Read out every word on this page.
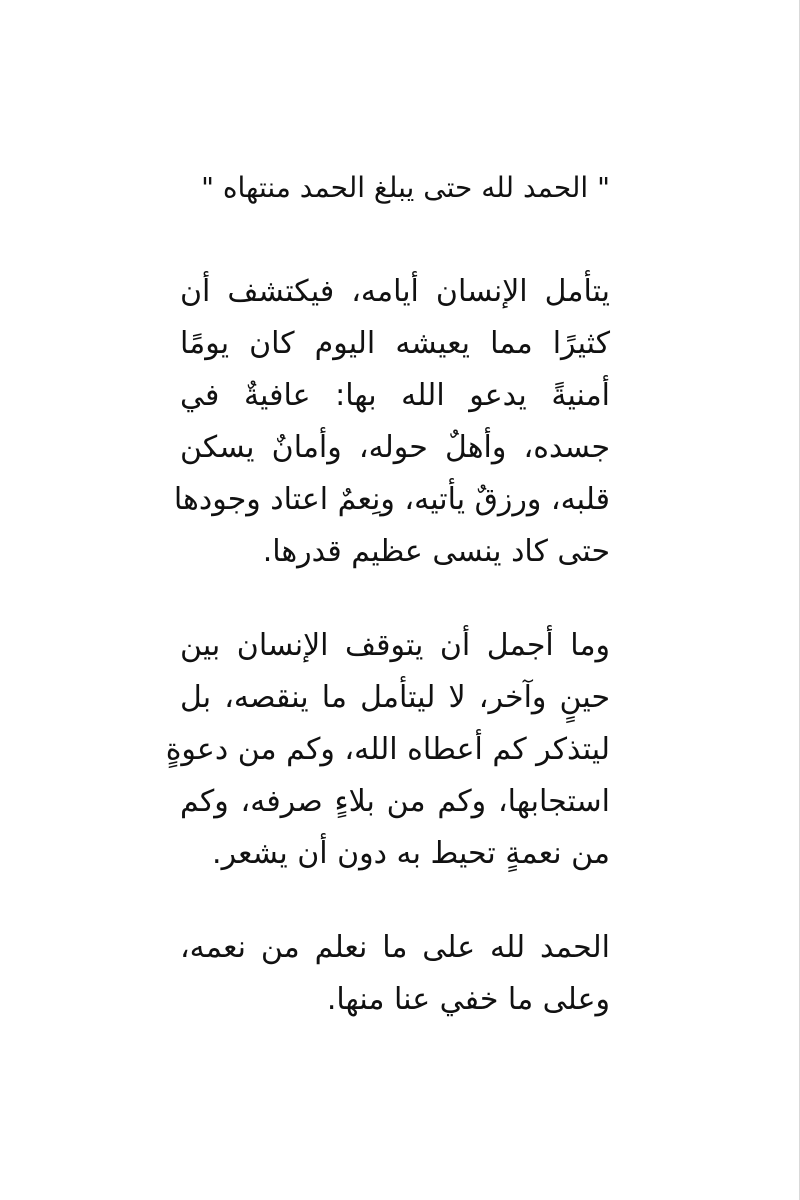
" الحمد لله حتى يبلغ الحمد منتهاه "
يتأمل الإنسان أيامه، فيكتشف أن
كثيرًا مما يعيشه اليوم كان يومًا
أمنيةً يدعو الله بها: عافيةٌ في
جسده، وأهلٌ حوله، وأمانٌ يسكن
قلبه، ورزقٌ يأتيه، ونِعمٌ اعتاد وجودها
حتى كاد ينسى عظيم قدرها.
وما أجمل أن يتوقف الإنسان بين
حينٍ وآخر، لا ليتأمل ما ينقصه، بل
ليتذكر كم أعطاه الله، وكم من دعوةٍ
استجابها، وكم من بلاءٍ صرفه، وكم
من نعمةٍ تحيط به دون أن يشعر.
الحمد لله على ما نعلم من نعمه،
وعلى ما خفي عنا منها.
